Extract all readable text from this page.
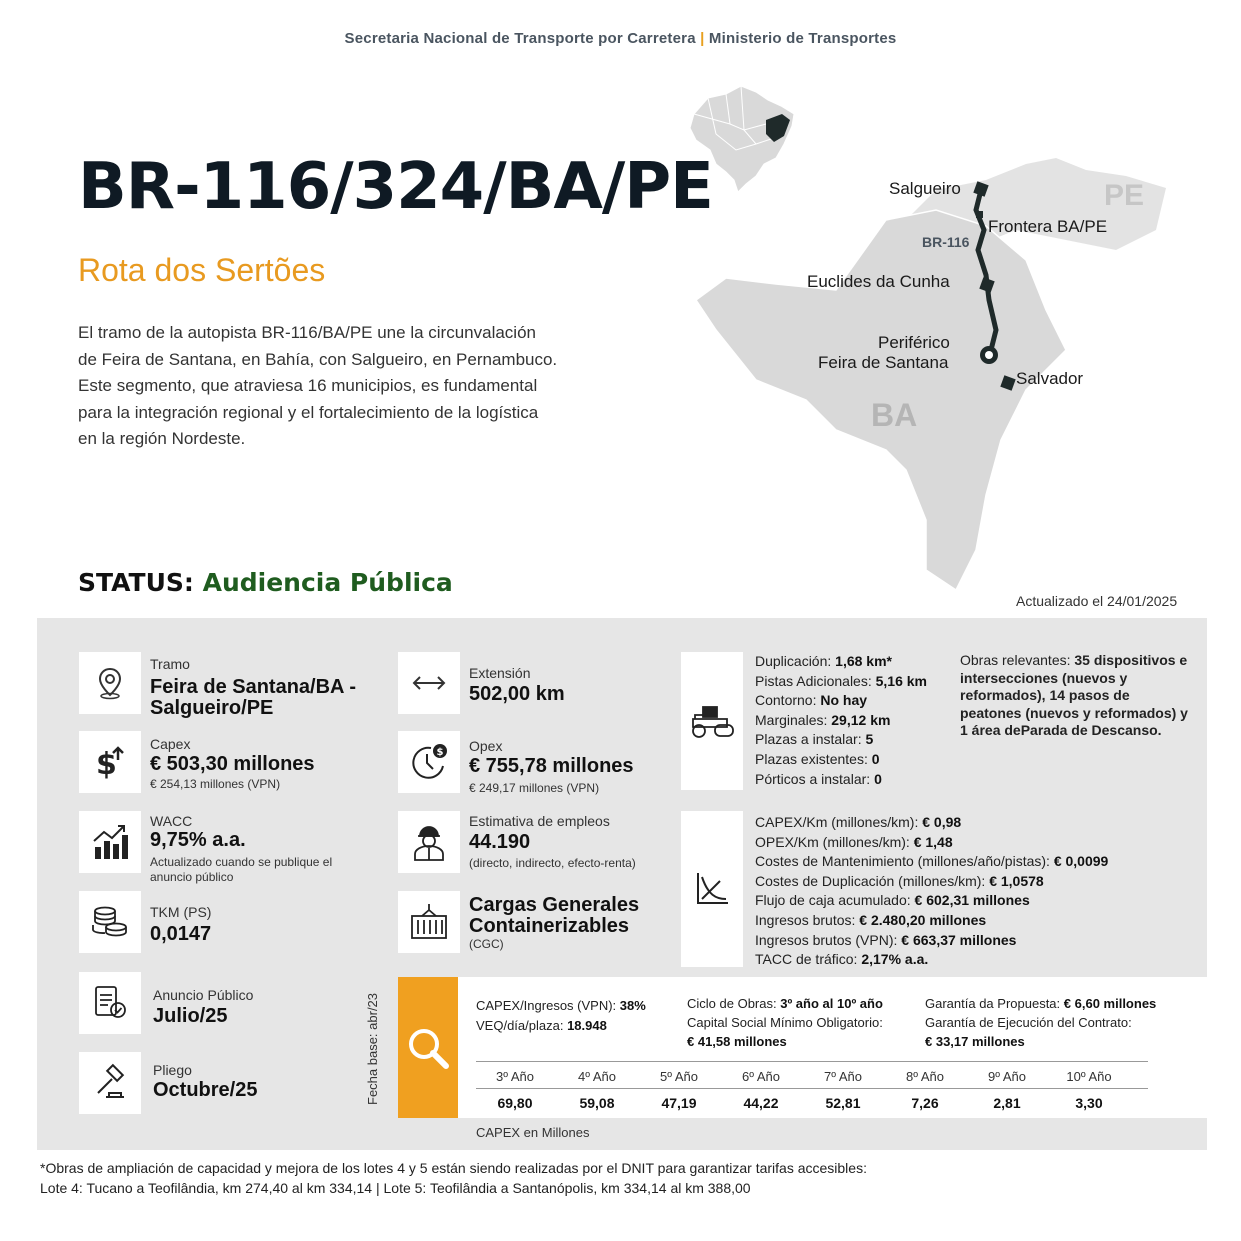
Secretaria Nacional de Transporte por Carretera | Ministerio de Transportes
BR-116/324/BA/PE
Rota dos Sertões
El tramo de la autopista BR-116/BA/PE une la circunvalación de Feira de Santana, en Bahía, con Salgueiro, en Pernambuco. Este segmento, que atraviesa 16 municipios, es fundamental para la integración regional y el fortalecimiento de la logística en la región Nordeste.
PE
BA
BR-116
Salgueiro
Frontera BA/PE
Euclides da Cunha
Periférico
Feira de Santana
Salvador
STATUS: Audiencia Pública
Actualizado el 24/01/2025
Tramo
Feira de Santana/BA - Salgueiro/PE
$
Capex
€ 503,30 millones
€ 254,13 millones (VPN)
WACC
9,75% a.a.
Actualizado cuando se publique el anuncio público
TKM (PS)
0,0147
Anuncio Público
Julio/25
Pliego
Octubre/25
Extensión
502,00 km
$ Opex
€ 755,78 millones
€ 249,17 millones (VPN)
Estimativa de empleos
44.190
(directo, indirecto, efecto-renta)
Cargas Generales Containerizables
(CGC)
Duplicación: 1,68 km*
Pistas Adicionales: 5,16 km
Contorno: No hay
Marginales: 29,12 km
Plazas a instalar: 5
Plazas existentes: 0
Pórticos a instalar: 0
Obras relevantes: 35 dispositivos e intersecciones (nuevos y reformados), 14 pasos de peatones (nuevos y reformados) y 1 área deParada de Descanso.
CAPEX/Km (millones/km): € 0,98
OPEX/Km (millones/km): € 1,48
Costes de Mantenimiento (millones/año/pistas): € 0,0099
Costes de Duplicación (millones/km): € 1,0578
Flujo de caja acumulado: € 602,31 millones
Ingresos brutos: € 2.480,20 millones
Ingresos brutos (VPN): € 663,37 millones
TACC de tráfico: 2,17% a.a.
Fecha base: abr/23	CAPEX/Ingresos (VPN): 38%
VEQ/día/plaza: 18.948
Ciclo de Obras: 3º año al 10º año
Capital Social Mínimo Obligatorio:
€ 41,58 millones
Garantía da Propuesta: € 6,60 millones
Garantía de Ejecución del Contrato:
€ 33,17 millones
3º Año	4º Año	5º Año	6º Año	7º Año	8º Año	9º Año	10º Año
69,80	59,08	47,19	44,22	52,81	7,26	2,81	3,30
CAPEX en Millones
*Obras de ampliación de capacidad y mejora de los lotes 4 y 5 están siendo realizadas por el DNIT para garantizar tarifas accesibles:
Lote 4: Tucano a Teofilândia, km 274,40 al km 334,14 | Lote 5: Teofilândia a Santanópolis, km 334,14 al km 388,00
